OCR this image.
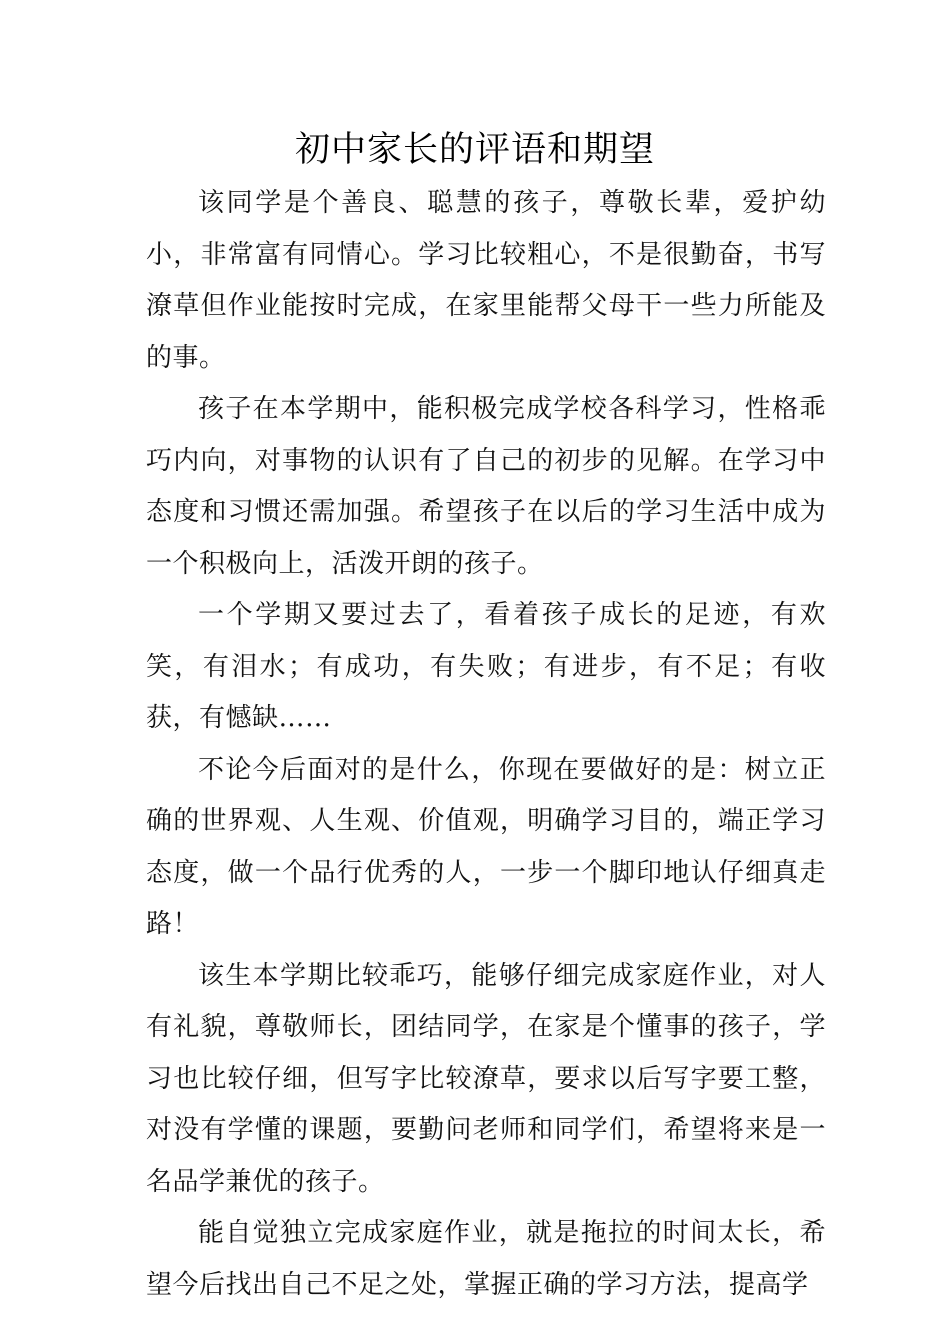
初中家长的评语和期望

该同学是个善良、聪慧的孩子，尊敬长辈，爱护幼小，非常富有同情心。学习比较粗心，不是很勤奋，书写潦草但作业能按时完成，在家里能帮父母干一些力所能及的事。

孩子在本学期中，能积极完成学校各科学习，性格乖巧内向，对事物的认识有了自己的初步的见解。在学习中态度和习惯还需加强。希望孩子在以后的学习生活中成为一个积极向上，活泼开朗的孩子。

一个学期又要过去了，看着孩子成长的足迹，有欢笑，有泪水；有成功，有失败；有进步，有不足；有收获，有憾缺……

不论今后面对的是什么，你现在要做好的是：树立正确的世界观、人生观、价值观，明确学习目的，端正学习态度，做一个品行优秀的人，一步一个脚印地认仔细真走路！

该生本学期比较乖巧，能够仔细完成家庭作业，对人有礼貌，尊敬师长，团结同学，在家是个懂事的孩子，学习也比较仔细，但写字比较潦草，要求以后写字要工整，对没有学懂的课题，要勤问老师和同学们，希望将来是一名品学兼优的孩子。

能自觉独立完成家庭作业，就是拖拉的时间太长，希望今后找出自己不足之处，掌握正确的学习方法，提高学
